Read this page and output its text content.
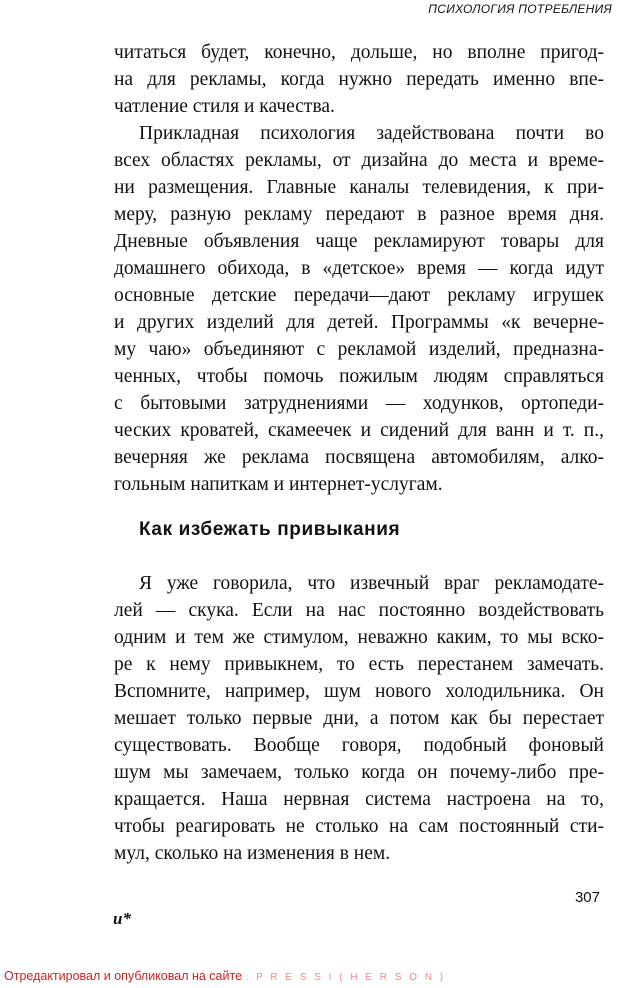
ПСИХОЛОГИЯ ПОТРЕБЛЕНИЯ
читаться будет, конечно, дольше, но вполне пригод-
на для рекламы, когда нужно передать именно впе-
чатление стиля и качества.
Прикладная психология задействована почти во
всех областях рекламы, от дизайна до места и време-
ни размещения. Главные каналы телевидения, к при-
меру, разную рекламу передают в разное время дня.
Дневные объявления чаще рекламируют товары для
домашнего обихода, в «детское» время — когда идут
основные детские передачи—дают рекламу игрушек
и других изделий для детей. Программы «к вечерне-
му чаю» объединяют с рекламой изделий, предназна-
ченных, чтобы помочь пожилым людям справляться
с бытовыми затруднениями — ходунков, ортопеди-
ческих кроватей, скамеечек и сидений для ванн и т. п.,
вечерняя же реклама посвящена автомобилям, алко-
гольным напиткам и интернет-услугам.
Как избежать привыкания
Я уже говорила, что извечный враг рекламодате-
лей — скука. Если на нас постоянно воздействовать
одним и тем же стимулом, неважно каким, то мы вско-
ре к нему привыкнем, то есть перестанем замечать.
Вспомните, например, шум нового холодильника. Он
мешает только первые дни, а потом как бы перестает
существовать. Вообще говоря, подобный фоновый
шум мы замечаем, только когда он почему-либо пре-
кращается. Наша нервная система настроена на то,
чтобы реагировать не столько на сам постоянный сти-
мул, сколько на изменения в нем.
307
и*
Отредактировал и опубликовал на сайте : P R E S S I ( H E R S O N )
